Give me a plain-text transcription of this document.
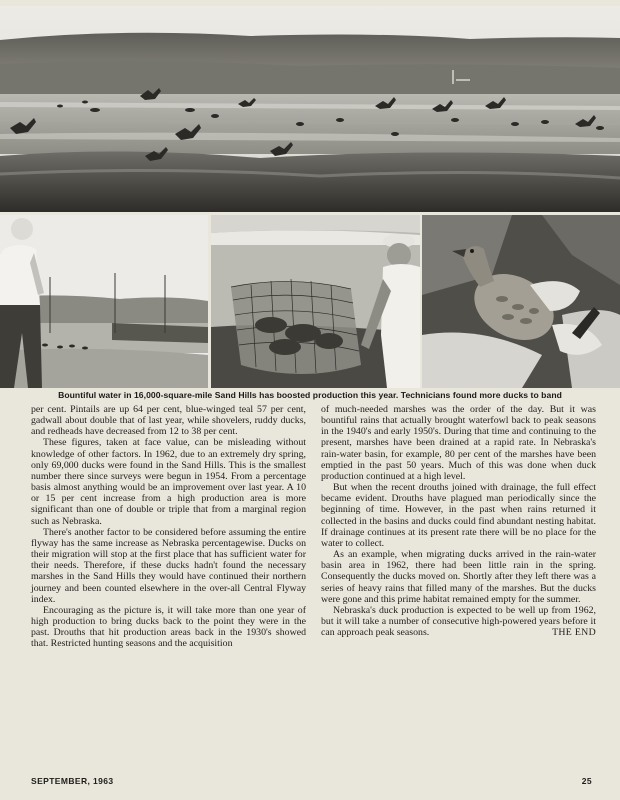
Bountiful water in 16,000-square-mile Sand Hills has boosted production this year. Technicians found more ducks to band

per cent. Pintails are up 64 per cent, blue-winged teal 57 per cent, gadwall about double that of last year, while shovelers, ruddy ducks, and redheads have decreased from 12 to 38 per cent.

These figures, taken at face value, can be misleading without knowledge of other factors. In 1962, due to an extremely dry spring, only 69,000 ducks were found in the Sand Hills. This is the smallest number there since surveys were begun in 1954. From a percentage basis almost anything would be an improvement over last year. A 10 or 15 per cent increase from a high production area is more significant than one of double or triple that from a marginal region such as Nebraska.

There's another factor to be considered before assuming the entire flyway has the same increase as Nebraska percentagewise. Ducks on their migration will stop at the first place that has sufficient water for their needs. Therefore, if these ducks hadn't found the necessary marshes in the Sand Hills they would have continued their northern journey and been counted elsewhere in the over-all Central Flyway index.

Encouraging as the picture is, it will take more than one year of high production to bring ducks back to the point they were in the past. Drouths that hit production areas back in the 1930's showed that. Restricted hunting seasons and the acquisition

of much-needed marshes was the order of the day. But it was bountiful rains that actually brought waterfowl back to peak seasons in the 1940's and early 1950's. During that time and continuing to the present, marshes have been drained at a rapid rate. In Nebraska's rain-water basin, for example, 80 per cent of the marshes have been emptied in the past 50 years. Much of this was done when duck production continued at a high level.

But when the recent drouths joined with drainage, the full effect became evident. Drouths have plagued man periodically since the beginning of time. However, in the past when rains returned it collected in the basins and ducks could find abundant nesting habitat. If drainage continues at its present rate there will be no place for the water to collect.

As an example, when migrating ducks arrived in the rain-water basin area in 1962, there had been little rain in the spring. Consequently the ducks moved on. Shortly after they left there was a series of heavy rains that filled many of the marshes. But the ducks were gone and this prime habitat remained empty for the summer.

Nebraska's duck production is expected to be well up from 1962, but it will take a number of consecutive high-powered years before it can approach peak seasons.	THE END

SEPTEMBER, 1963	25
